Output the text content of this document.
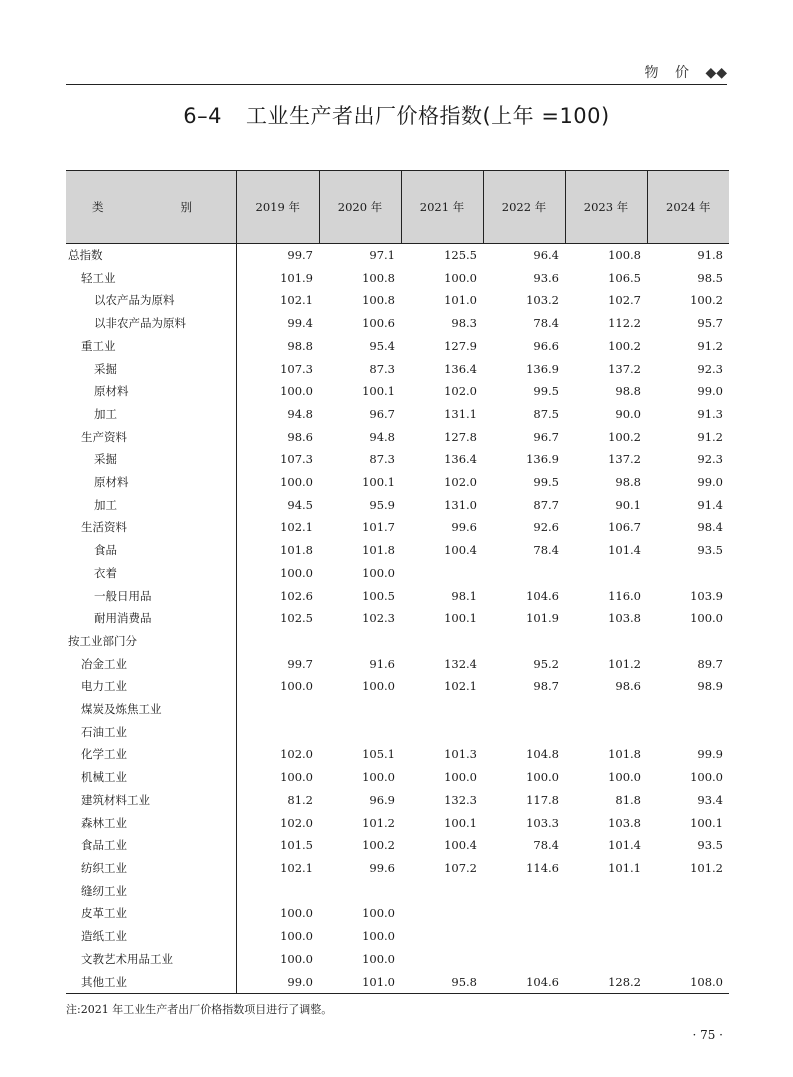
物 价 ◆◆
6–4 工业生产者出厂价格指数(上年 =100)
类　　别	2019 年	2020 年	2021 年	2022 年	2023 年	2024 年
总指数	99.7	97.1	125.5	96.4	100.8	91.8
轻工业	101.9	100.8	100.0	93.6	106.5	98.5
以农产品为原料	102.1	100.8	101.0	103.2	102.7	100.2
以非农产品为原料	99.4	100.6	98.3	78.4	112.2	95.7
重工业	98.8	95.4	127.9	96.6	100.2	91.2
采掘	107.3	87.3	136.4	136.9	137.2	92.3
原材料	100.0	100.1	102.0	99.5	98.8	99.0
加工	94.8	96.7	131.1	87.5	90.0	91.3
生产资料	98.6	94.8	127.8	96.7	100.2	91.2
采掘	107.3	87.3	136.4	136.9	137.2	92.3
原材料	100.0	100.1	102.0	99.5	98.8	99.0
加工	94.5	95.9	131.0	87.7	90.1	91.4
生活资料	102.1	101.7	99.6	92.6	106.7	98.4
食品	101.8	101.8	100.4	78.4	101.4	93.5
衣着	100.0	100.0				
一般日用品	102.6	100.5	98.1	104.6	116.0	103.9
耐用消费品	102.5	102.3	100.1	101.9	103.8	100.0
按工业部门分						
冶金工业	99.7	91.6	132.4	95.2	101.2	89.7
电力工业	100.0	100.0	102.1	98.7	98.6	98.9
煤炭及炼焦工业						
石油工业						
化学工业	102.0	105.1	101.3	104.8	101.8	99.9
机械工业	100.0	100.0	100.0	100.0	100.0	100.0
建筑材料工业	81.2	96.9	132.3	117.8	81.8	93.4
森林工业	102.0	101.2	100.1	103.3	103.8	100.1
食品工业	101.5	100.2	100.4	78.4	101.4	93.5
纺织工业	102.1	99.6	107.2	114.6	101.1	101.2
缝纫工业						
皮革工业	100.0	100.0				
造纸工业	100.0	100.0				
文教艺术用品工业	100.0	100.0				
其他工业	99.0	101.0	95.8	104.6	128.2	108.0
注:2021 年工业生产者出厂价格指数项目进行了调整。
· 75 ·
